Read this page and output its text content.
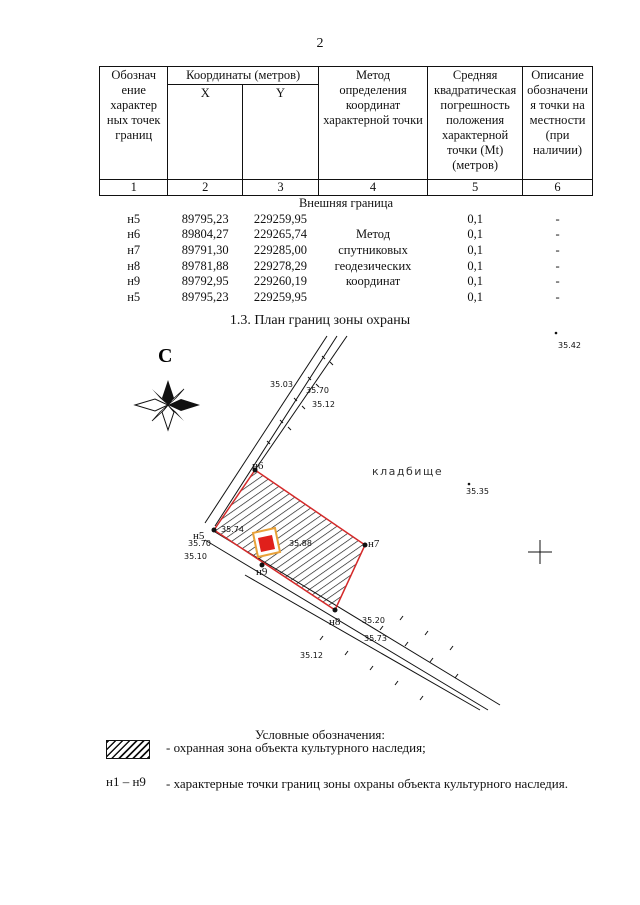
2
Обознач ение характер ных точек границ	Координаты (метров)		Метод определения координат характерной точки	Средняя квадратическая погрешность положения характерной точки (Мt) (метров)	Описание обозначени я точки на местности (при наличии)
	X	Y			
1	2	3	4	5	6
Внешняя граница					
н5	89795,23	229259,95		0,1	-
н6	89804,27	229265,74	Метод	0,1	-
н7	89791,30	229285,00	спутниковых	0,1	-
н8	89781,88	229278,29	геодезических	0,1	-
н9	89792,95	229260,19	координат	0,1	-
н5	89795,23	229259,95		0,1	-
1.3. План границ зоны охраны
С	35.42
35.03
35.70
35.12
35.35
35.74
35.70
35.10
35.88
35.20
35.73
35.12
н6
н5
н7
н9
н8
кладбище
Условные обозначения:
- охранная зона объекта культурного наследия;
н1 – н9 - характерные точки границ зоны охраны объекта культурного наследия.
